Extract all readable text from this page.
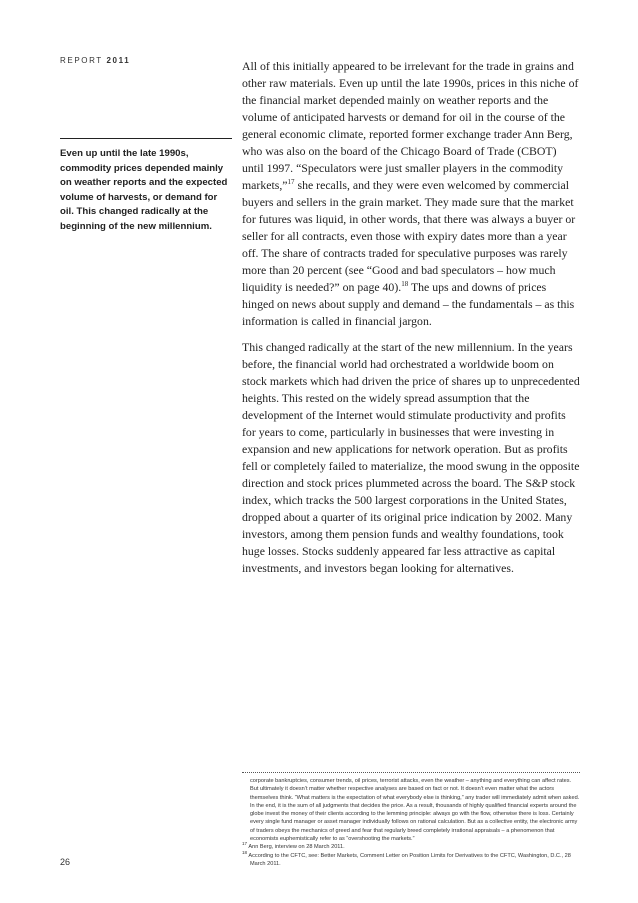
REPORT 2011
Even up until the late 1990s, commodity prices depended mainly on weather reports and the expected volume of harvests, or demand for oil. This changed radically at the beginning of the new millennium.

All of this initially appeared to be irrelevant for the trade in grains and other raw materials. Even up until the late 1990s, prices in this niche of the financial market depended mainly on weather reports and the volume of anticipated harvests or demand for oil in the course of the general economic climate, reported former exchange trader Ann Berg, who was also on the board of the Chicago Board of Trade (CBOT) until 1997. “Speculators were just smaller players in the commodity markets,”$^{17}$ she recalls, and they were even welcomed by commercial buyers and sellers in the grain market. They made sure that the market for futures was liquid, in other words, that there was always a buyer or seller for all contracts, even those with expiry dates more than a year off. The share of contracts traded for speculative purposes was rarely more than 20 percent (see “Good and bad speculators – how much liquidity is needed?” on page 40).$^{18}$ The ups and downs of prices hinged on news about supply and demand – the fundamentals – as this information is called in financial jargon.

This changed radically at the start of the new millennium. In the years before, the financial world had orchestrated a worldwide boom on stock markets which had driven the price of shares up to unprecedented heights. This rested on the widely spread assumption that the development of the Internet would stimulate productivity and profits for years to come, particularly in businesses that were investing in expansion and new applications for network operation. But as profits fell or completely failed to materialize, the mood swung in the opposite direction and stock prices plummeted across the board. The S&P stock index, which tracks the 500 largest corporations in the United States, dropped about a quarter of its original price indication by 2002. Many investors, among them pension funds and wealthy foundations, took huge losses. Stocks suddenly appeared far less attractive as capital investments, and investors began looking for alternatives.

corporate bankruptcies, consumer trends, oil prices, terrorist attacks, even the weather – anything and everything can affect rates. But ultimately it doesn’t matter whether respective analyses are based on fact or not. It doesn’t even matter what the actors themselves think. “What matters is the expectation of what everybody else is thinking,” any trader will immediately admit when asked. In the end, it is the sum of all judgments that decides the price. As a result, thousands of highly qualified financial experts around the globe invest the money of their clients according to the lemming principle: always go with the flow, otherwise there is loss. Certainly every single fund manager or asset manager individually follows on rational calculation. But as a collective entity, the electronic army of traders obeys the mechanics of greed and fear that regularly breed completely irrational appraisals – a phenomenon that economists euphemistically refer to as “overshooting the markets.”

$^{17}$ Ann Berg, interview on 28 March 2011.

$^{18}$ According to the CFTC, see: Better Markets, Comment Letter on Position Limits for Derivatives to the CFTC, Washington, D.C., 28 March 2011.

26
